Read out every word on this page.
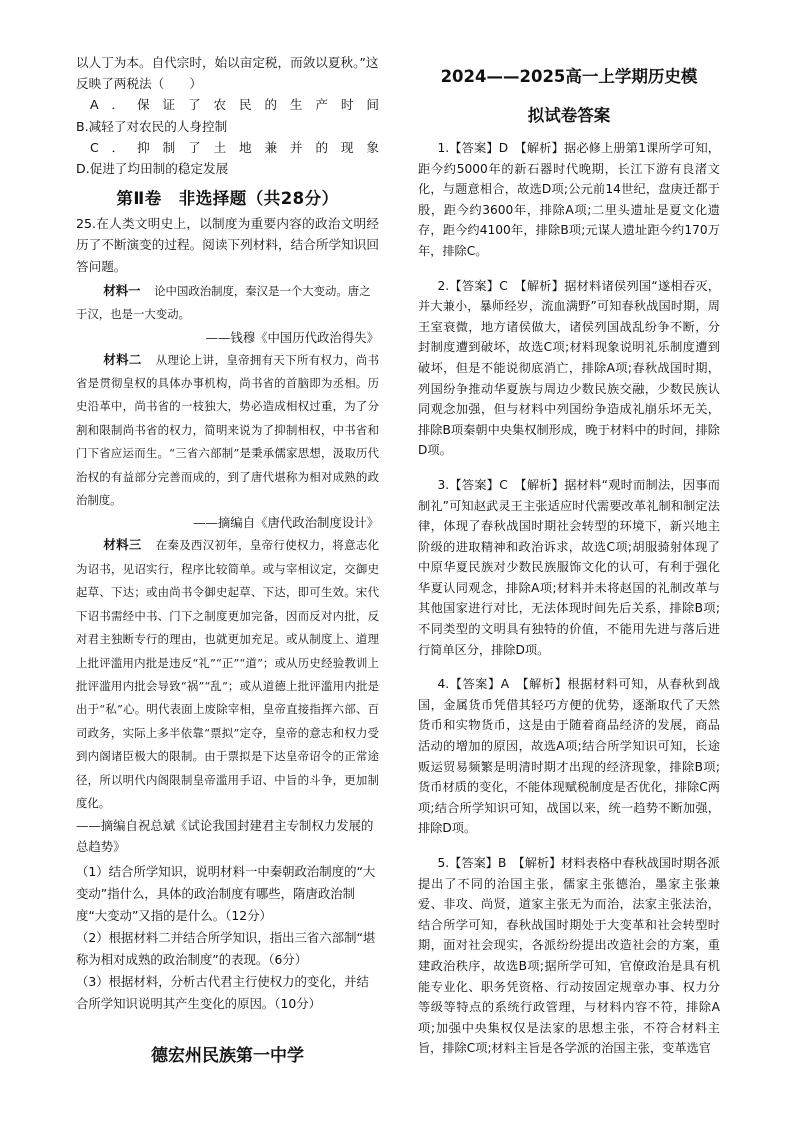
以人丁为本。自代宗时，始以亩定税，而敛以夏秋。”这反映了两税法（　　）

A．保证了农民的生产时间

B.减轻了对农民的人身控制

C．抑制了土地兼并的现象

D.促进了均田制的稳定发展

第Ⅱ卷　非选择题（共28分）

25.在人类文明史上，以制度为重要内容的政治文明经历了不断演变的过程。阅读下列材料，结合所学知识回答问题。

材料一 论中国政治制度，秦汉是一个大变动。唐之于汉，也是一大变动。

——钱穆《中国历代政治得失》

材料二 从理论上讲，皇帝拥有天下所有权力，尚书省是贯彻皇权的具体办事机构，尚书省的首脑即为丞相。历史沿革中，尚书省的一枝独大，势必造成相权过重，为了分割和限制尚书省的权力，简明来说为了抑制相权，中书省和门下省应运而生。“三省六部制”是秉承儒家思想，汲取历代治权的有益部分完善而成的，到了唐代堪称为相对成熟的政治制度。

——摘编自《唐代政治制度设计》

材料三 在秦及西汉初年，皇帝行使权力，将意志化为诏书，见诏实行，程序比较简单。或与宰相议定，交御史起草、下达；或由尚书令御史起草、下达，即可生效。宋代下诏书需经中书、门下之制度更加完备，因而反对内批，反对君主独断专行的理由，也就更加充足。或从制度上、道理上批评滥用内批是违反“礼”“正”“道”；或从历史经验教训上批评滥用内批会导致“祸”“乱”；或从道德上批评滥用内批是出于“私”心。明代表面上废除宰相，皇帝直接指挥六部、百司政务，实际上多半依靠“票拟”定夺，皇帝的意志和权力受到内阁诸臣极大的限制。由于票拟是下达皇帝诏令的正常途径，所以明代内阁限制皇帝滥用手诏、中旨的斗争，更加制度化。

——摘编自祝总斌《试论我国封建君主专制权力发展的总趋势》

（1）结合所学知识，说明材料一中秦朝政治制度的“大变动”指什么，具体的政治制度有哪些，隋唐政治制度“大变动”又指的是什么。（12分）

（2）根据材料二并结合所学知识，指出三省六部制“堪称为相对成熟的政治制度”的表现。（6分）

（3）根据材料，分析古代君主行使权力的变化，并结合所学知识说明其产生变化的原因。（10分）

德宏州民族第一中学

2024——2025高一上学期历史模

拟试卷答案

1.【答案】D　【解析】据必修上册第1课所学可知，距今约5000年的新石器时代晚期，长江下游有良渚文化，与题意相合，故选D项;公元前14世纪，盘庚迁都于殷，距今约3600年，排除A项;二里头遗址是夏文化遗存，距今约4100年，排除B项;元谋人遗址距今约170万年，排除C。

2.【答案】C　【解析】据材料诸侯列国“遂相吞灭，并大兼小，暴师经岁，流血满野”可知春秋战国时期，周王室衰微，地方诸侯做大，诸侯列国战乱纷争不断，分封制度遭到破坏，故选C项;材料现象说明礼乐制度遭到破坏，但是不能说彻底消亡，排除A项;春秋战国时期，列国纷争推动华夏族与周边少数民族交融，少数民族认同观念加强，但与材料中列国纷争造成礼崩乐坏无关，排除B项秦朝中央集权制形成，晚于材料中的时间，排除D项。

3.【答案】C　【解析】据材料“观时而制法，因事而制礼”可知赵武灵王主张适应时代需要改革礼制和制定法律，体现了春秋战国时期社会转型的环境下，新兴地主阶级的进取精神和政治诉求，故选C项;胡服骑射体现了中原华夏民族对少数民族服饰文化的认可，有利于强化华夏认同观念，排除A项;材料并未将赵国的礼制改革与其他国家进行对比，无法体现时间先后关系，排除B项;不同类型的文明具有独特的价值，不能用先进与落后进行简单区分，排除D项。

4.【答案】A　【解析】根据材料可知，从春秋到战国，金属货币凭借其轻巧方便的优势，逐渐取代了天然货币和实物货币，这是由于随着商品经济的发展，商品活动的增加的原因，故选A项;结合所学知识可知，长途贩运贸易频繁是明清时期才出现的经济现象，排除B项;货币材质的变化，不能体现赋税制度是否优化，排除C两项;结合所学知识可知，战国以来，统一趋势不断加强，排除D项。

5.【答案】B　【解析】材料表格中春秋战国时期各派提出了不同的治国主张，儒家主张德治，墨家主张兼爱、非攻、尚贤，道家主张无为而治，法家主张法治，结合所学可知，春秋战国时期处于大变革和社会转型时期，面对社会现实，各派纷纷提出改造社会的方案，重建政治秩序，故选B项;据所学可知，官僚政治是具有机能专业化、职务凭资格、行动按固定规章办事、权力分等级等特点的系统行政管理，与材料内容不符，排除A项;加强中央集权仅是法家的思想主张，不符合材料主旨，排除C项;材料主旨是各学派的治国主张，变革选官
